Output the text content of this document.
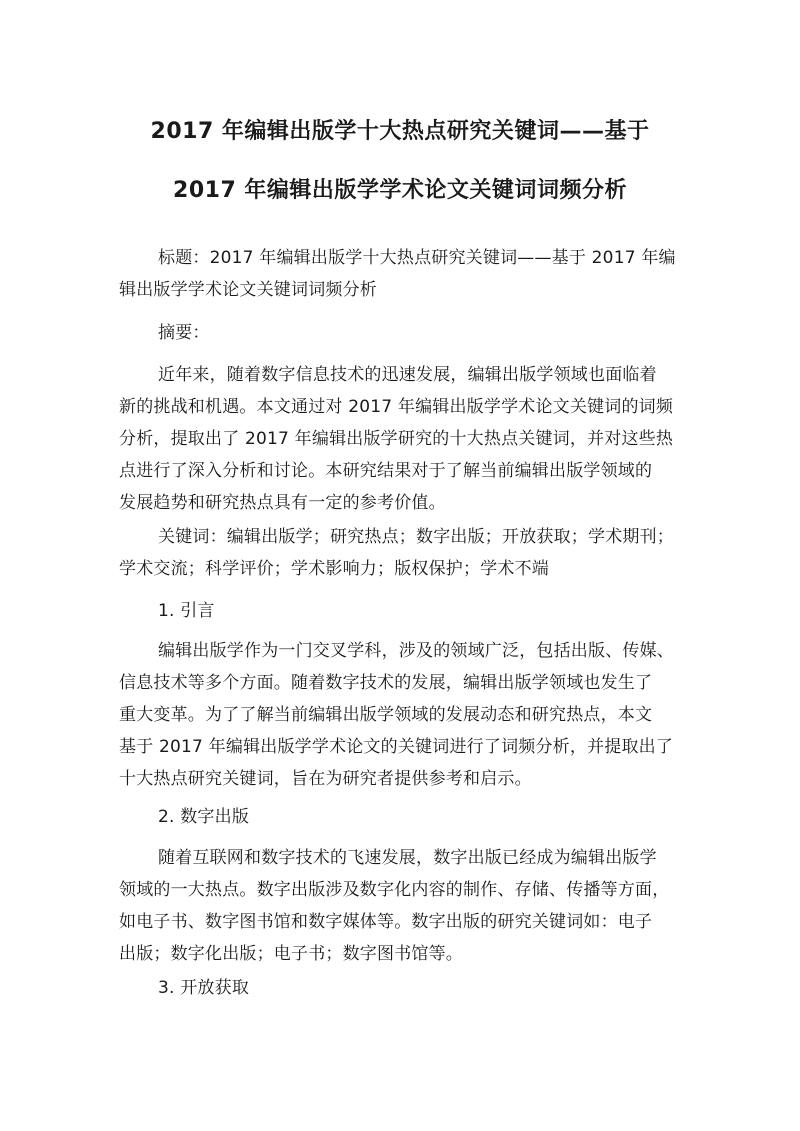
2017 年编辑出版学十大热点研究关键词——基于
2017 年编辑出版学学术论文关键词词频分析
标题：2017 年编辑出版学十大热点研究关键词——基于 2017 年编
辑出版学学术论文关键词词频分析
摘要：
近年来，随着数字信息技术的迅速发展，编辑出版学领域也面临着
新的挑战和机遇。本文通过对 2017 年编辑出版学学术论文关键词的词频
分析，提取出了 2017 年编辑出版学研究的十大热点关键词，并对这些热
点进行了深入分析和讨论。本研究结果对于了解当前编辑出版学领域的
发展趋势和研究热点具有一定的参考价值。
关键词：编辑出版学；研究热点；数字出版；开放获取；学术期刊；
学术交流；科学评价；学术影响力；版权保护；学术不端
1. 引言
编辑出版学作为一门交叉学科，涉及的领域广泛，包括出版、传媒、
信息技术等多个方面。随着数字技术的发展，编辑出版学领域也发生了
重大变革。为了了解当前编辑出版学领域的发展动态和研究热点，本文
基于 2017 年编辑出版学学术论文的关键词进行了词频分析，并提取出了
十大热点研究关键词，旨在为研究者提供参考和启示。
2. 数字出版
随着互联网和数字技术的飞速发展，数字出版已经成为编辑出版学
领域的一大热点。数字出版涉及数字化内容的制作、存储、传播等方面，
如电子书、数字图书馆和数字媒体等。数字出版的研究关键词如：电子
出版；数字化出版；电子书；数字图书馆等。
3. 开放获取
